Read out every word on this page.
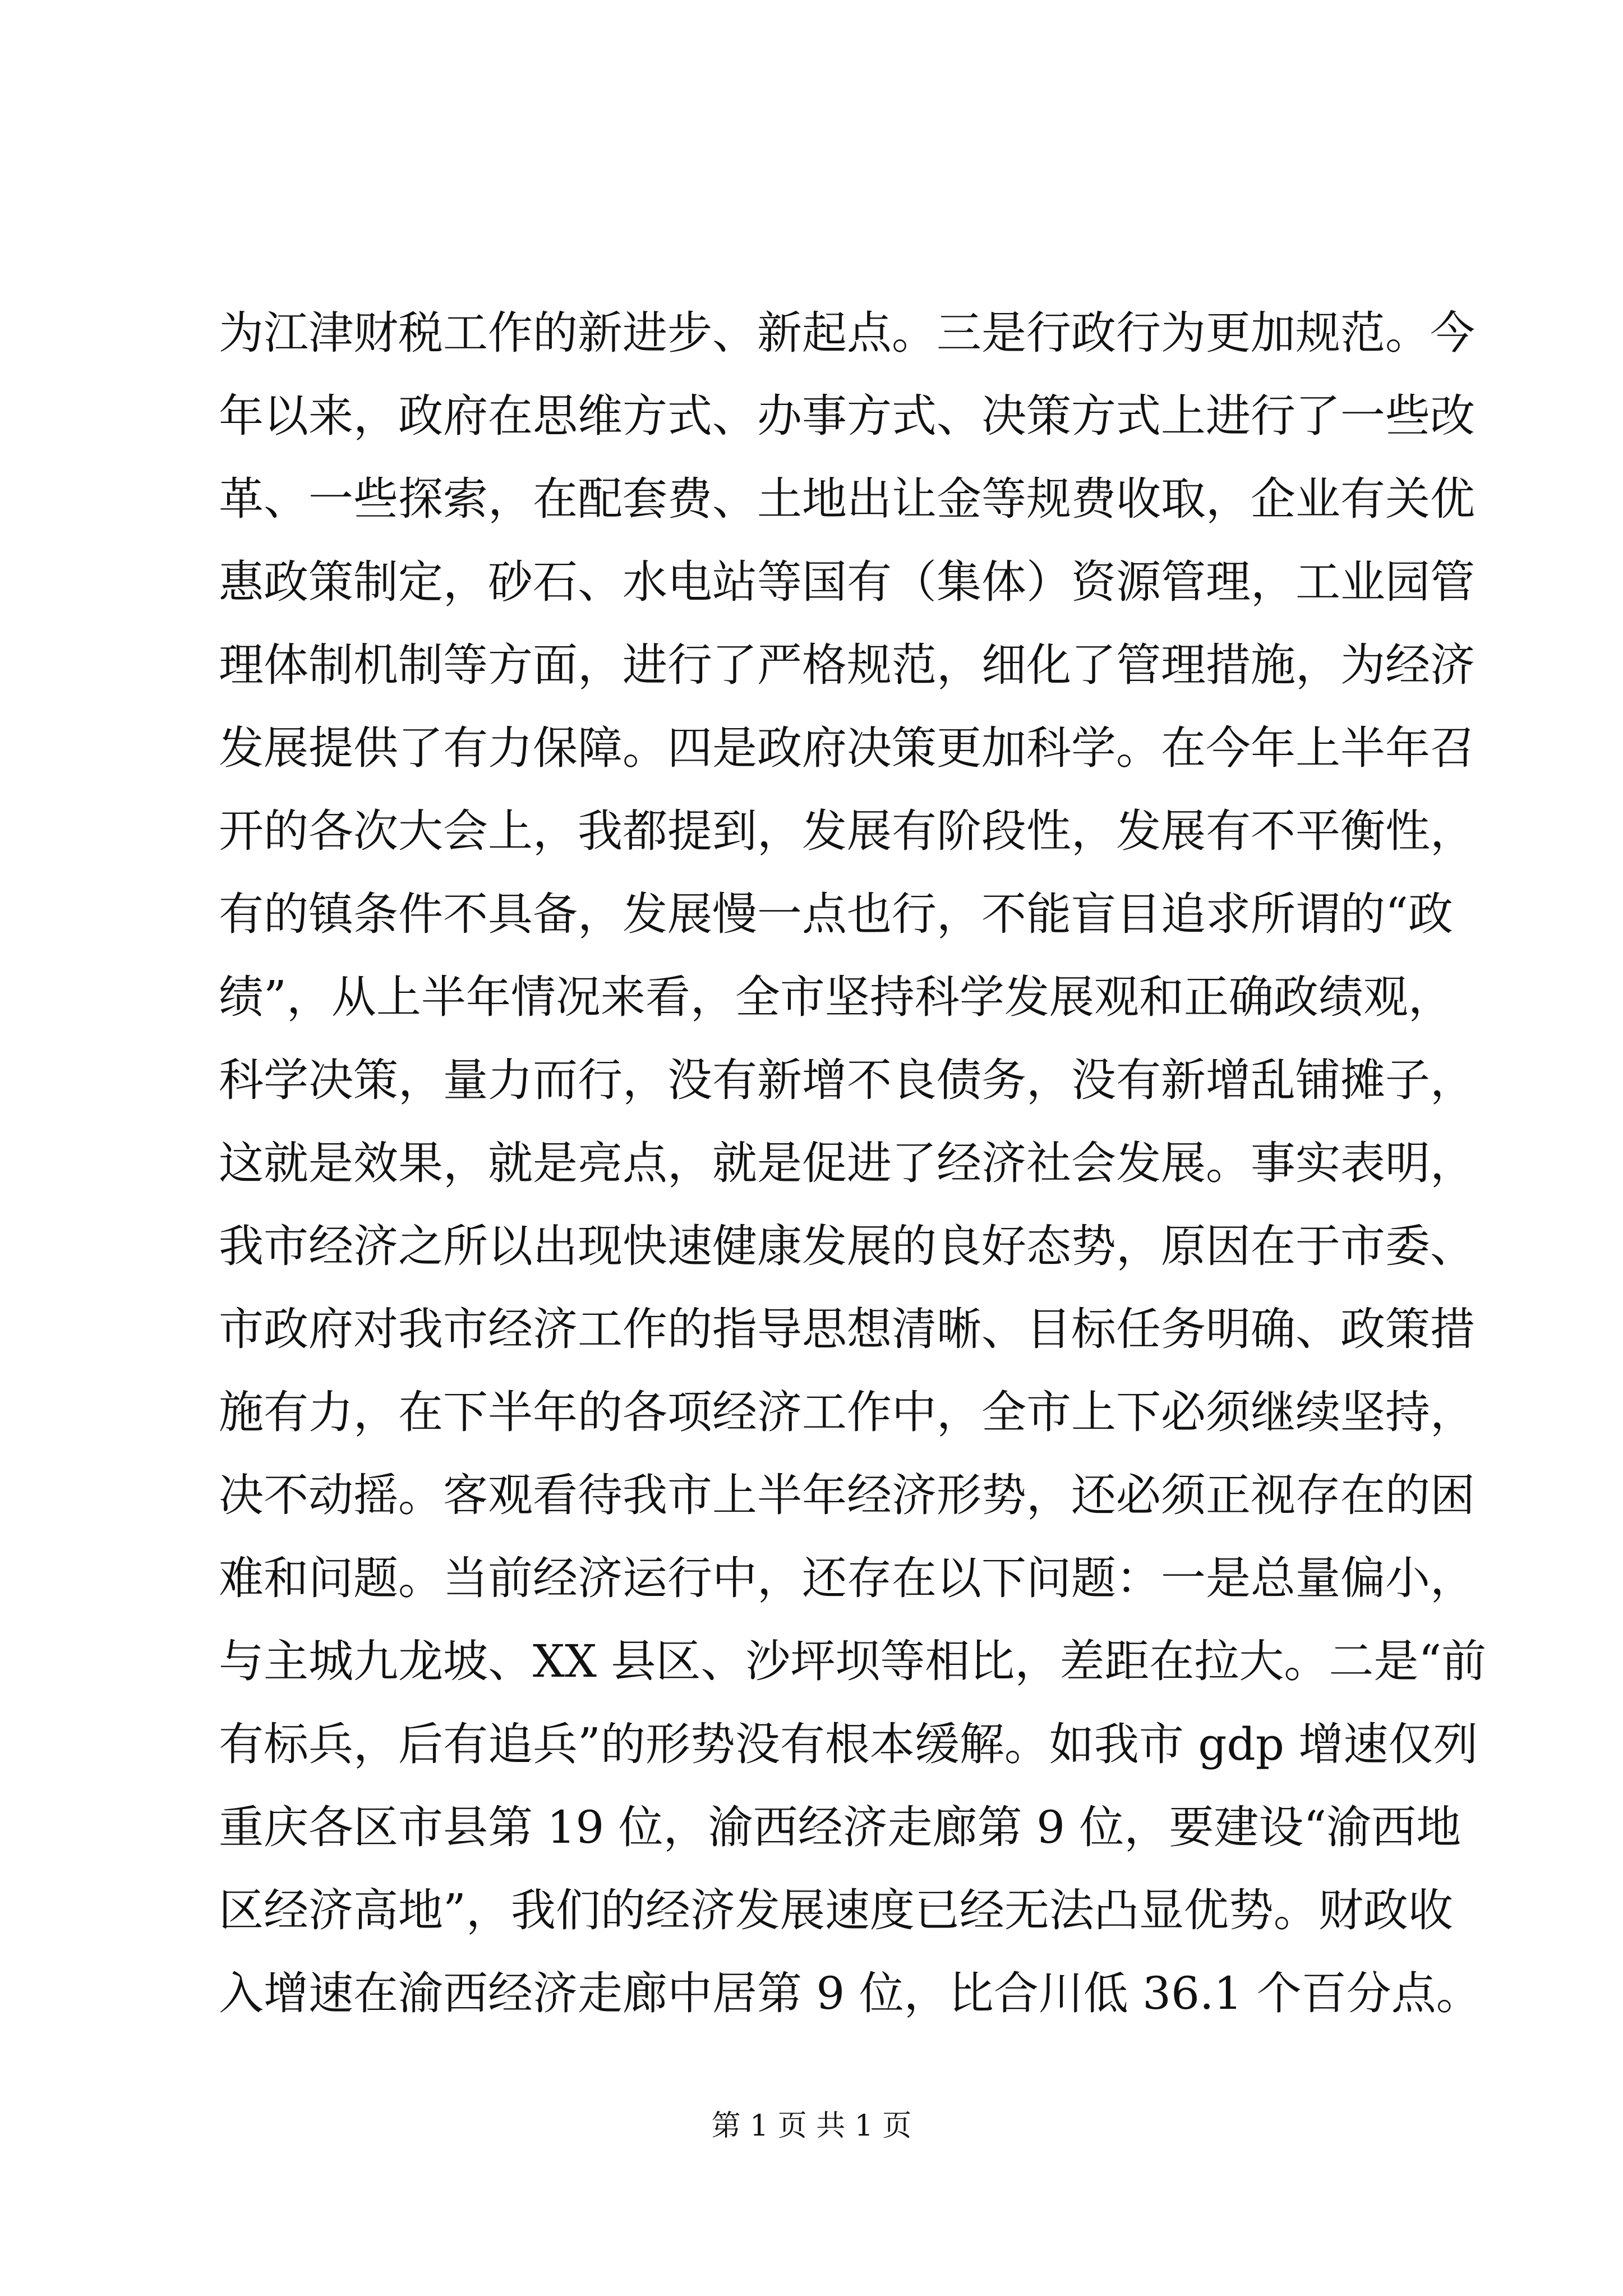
为江津财税工作的新进步、新起点。三是行政行为更加规范。今
年以来，政府在思维方式、办事方式、决策方式上进行了一些改
革、一些探索，在配套费、土地出让金等规费收取，企业有关优
惠政策制定，砂石、水电站等国有（集体）资源管理，工业园管
理体制机制等方面，进行了严格规范，细化了管理措施，为经济
发展提供了有力保障。四是政府决策更加科学。在今年上半年召
开的各次大会上，我都提到，发展有阶段性，发展有不平衡性，
有的镇条件不具备，发展慢一点也行，不能盲目追求所谓的“政
绩”，从上半年情况来看，全市坚持科学发展观和正确政绩观，
科学决策，量力而行，没有新增不良债务，没有新增乱铺摊子，
这就是效果，就是亮点，就是促进了经济社会发展。事实表明，
我市经济之所以出现快速健康发展的良好态势，原因在于市委、
市政府对我市经济工作的指导思想清晰、目标任务明确、政策措
施有力，在下半年的各项经济工作中，全市上下必须继续坚持，
决不动摇。客观看待我市上半年经济形势，还必须正视存在的困
难和问题。当前经济运行中，还存在以下问题：一是总量偏小，
与主城九龙坡、XX 县区、沙坪坝等相比，差距在拉大。二是“前
有标兵，后有追兵”的形势没有根本缓解。如我市 gdp 增速仅列
重庆各区市县第 19 位，渝西经济走廊第 9 位，要建设“渝西地
区经济高地”，我们的经济发展速度已经无法凸显优势。财政收
入增速在渝西经济走廊中居第 9 位，比合川低 36.1 个百分点。
第 1 页 共 1 页
